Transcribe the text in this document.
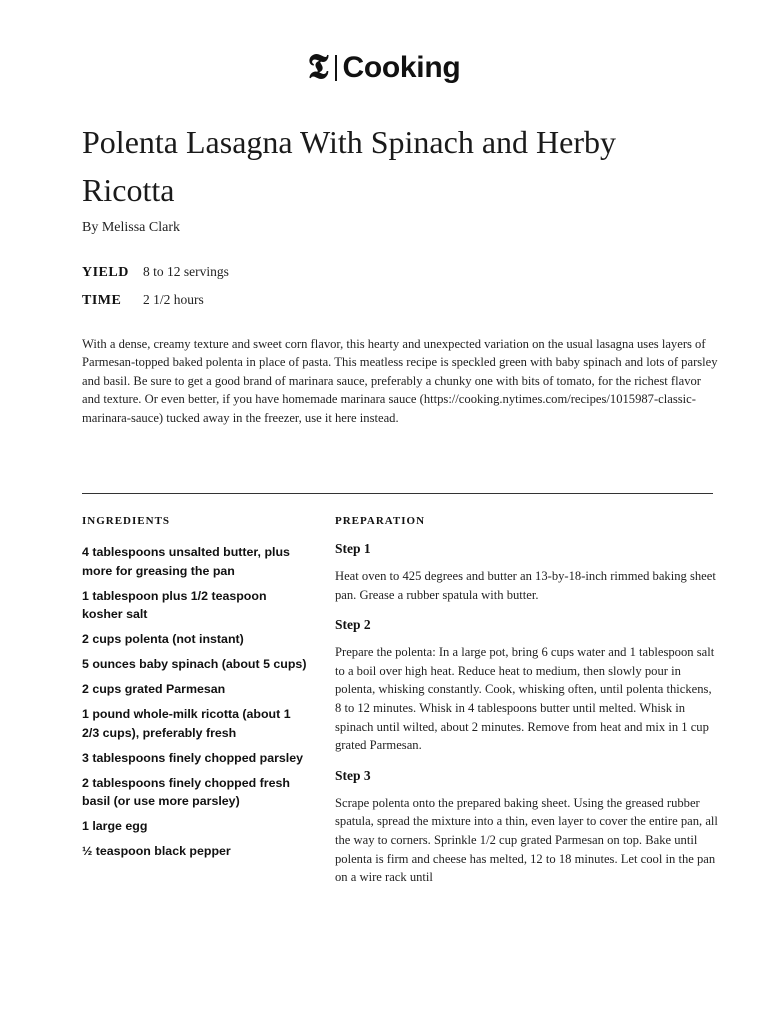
𝕿 Cooking
Polenta Lasagna With Spinach and Herby Ricotta
By Melissa Clark
YIELD	8 to 12 servings
TIME	2 1/2 hours

With a dense, creamy texture and sweet corn flavor, this hearty and unexpected variation on the usual lasagna uses layers of Parmesan-topped baked polenta in place of pasta. This meatless recipe is speckled green with baby spinach and lots of parsley and basil. Be sure to get a good brand of marinara sauce, preferably a chunky one with bits of tomato, for the richest flavor and texture. Or even better, if you have homemade marinara sauce (https://cooking.nytimes.com/recipes/1015987-classic-marinara-sauce) tucked away in the freezer, use it here instead.

INGREDIENTS	PREPARATION
4 tablespoons unsalted butter, plus more for greasing the pan
1 tablespoon plus 1/2 teaspoon kosher salt
2 cups polenta (not instant)
5 ounces baby spinach (about 5 cups)
2 cups grated Parmesan
1 pound whole-milk ricotta (about 1 2/3 cups), preferably fresh
3 tablespoons finely chopped parsley
2 tablespoons finely chopped fresh basil (or use more parsley)
1 large egg
½ teaspoon black pepper
Step 1

Heat oven to 425 degrees and butter an 13-by-18-inch rimmed baking sheet pan. Grease a rubber spatula with butter.

Step 2

Prepare the polenta: In a large pot, bring 6 cups water and 1 tablespoon salt to a boil over high heat. Reduce heat to medium, then slowly pour in polenta, whisking constantly. Cook, whisking often, until polenta thickens, 8 to 12 minutes. Whisk in 4 tablespoons butter until melted. Whisk in spinach until wilted, about 2 minutes. Remove from heat and mix in 1 cup grated Parmesan.

Step 3

Scrape polenta onto the prepared baking sheet. Using the greased rubber spatula, spread the mixture into a thin, even layer to cover the entire pan, all the way to corners. Sprinkle 1/2 cup grated Parmesan on top. Bake until polenta is firm and cheese has melted, 12 to 18 minutes. Let cool in the pan on a wire rack until
